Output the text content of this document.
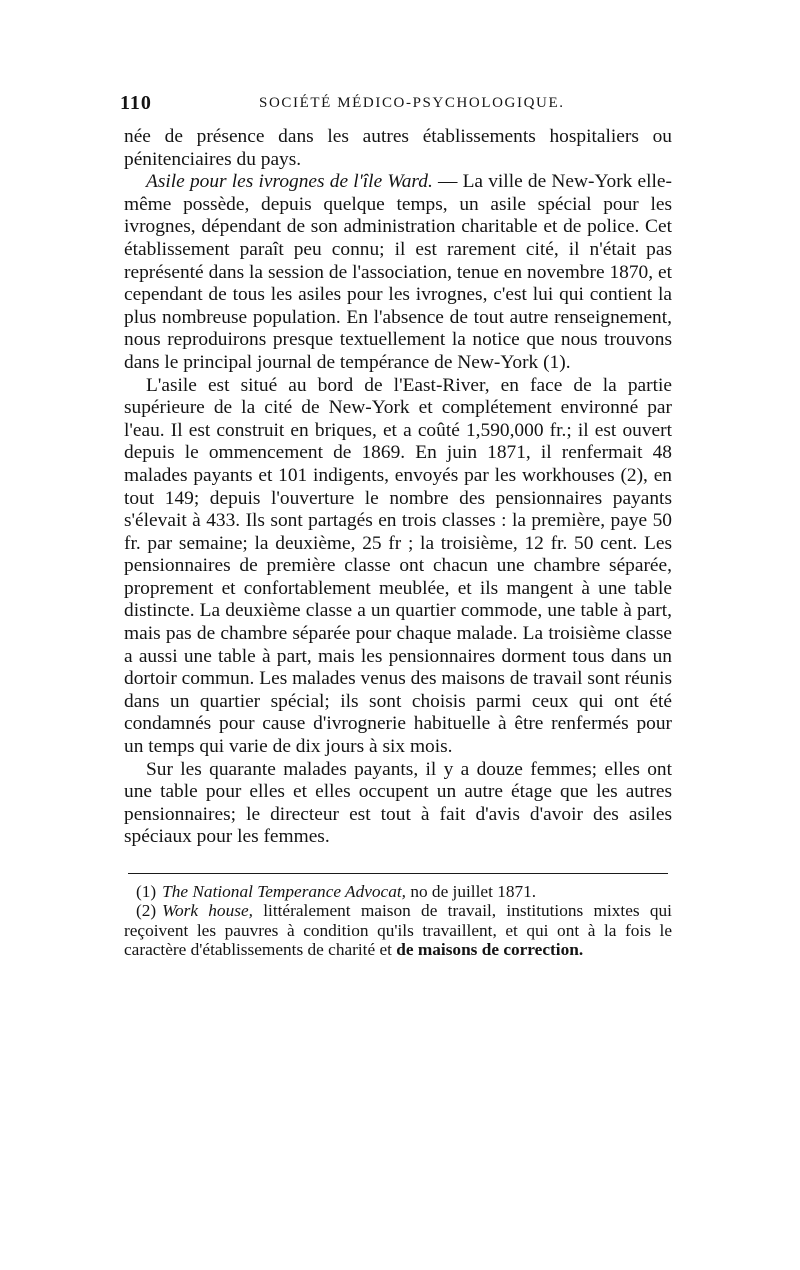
110	SOCIÉTÉ MÉDICO-PSYCHOLOGIQUE.

née de présence dans les autres établissements hospitaliers ou pénitenciaires du pays.

Asile pour les ivrognes de l'île Ward. — La ville de New-York elle-même possède, depuis quelque temps, un asile spécial pour les ivrognes, dépendant de son administration charitable et de police. Cet établissement paraît peu connu; il est rarement cité, il n'était pas représenté dans la session de l'association, tenue en novembre 1870, et cependant de tous les asiles pour les ivrognes, c'est lui qui contient la plus nombreuse population. En l'absence de tout autre renseignement, nous reproduirons presque textuellement la notice que nous trouvons dans le principal journal de tempérance de New-York (1).

L'asile est situé au bord de l'East-River, en face de la partie supérieure de la cité de New-York et complétement environné par l'eau. Il est construit en briques, et a coûté 1,590,000 fr.; il est ouvert depuis le ommencement de 1869. En juin 1871, il renfermait 48 malades payants et 101 indigents, envoyés par les workhouses (2), en tout 149; depuis l'ouverture le nombre des pensionnaires payants s'élevait à 433. Ils sont partagés en trois classes : la première, paye 50 fr. par semaine; la deuxième, 25 fr ; la troisième, 12 fr. 50 cent. Les pensionnaires de première classe ont chacun une chambre séparée, proprement et confortablement meublée, et ils mangent à une table distincte. La deuxième classe a un quartier commode, une table à part, mais pas de chambre séparée pour chaque malade. La troisième classe a aussi une table à part, mais les pensionnaires dorment tous dans un dortoir commun. Les malades venus des maisons de travail sont réunis dans un quartier spécial; ils sont choisis parmi ceux qui ont été condamnés pour cause d'ivrognerie habituelle à être renfermés pour un temps qui varie de dix jours à six mois.

Sur les quarante malades payants, il y a douze femmes; elles ont une table pour elles et elles occupent un autre étage que les autres pensionnaires; le directeur est tout à fait d'avis d'avoir des asiles spéciaux pour les femmes.

(1) The National Temperance Advocat, no de juillet 1871.

(2) Work house, littéralement maison de travail, institutions mixtes qui reçoivent les pauvres à condition qu'ils travaillent, et qui ont à la fois le caractère d'établissements de charité et de maisons de correction.
